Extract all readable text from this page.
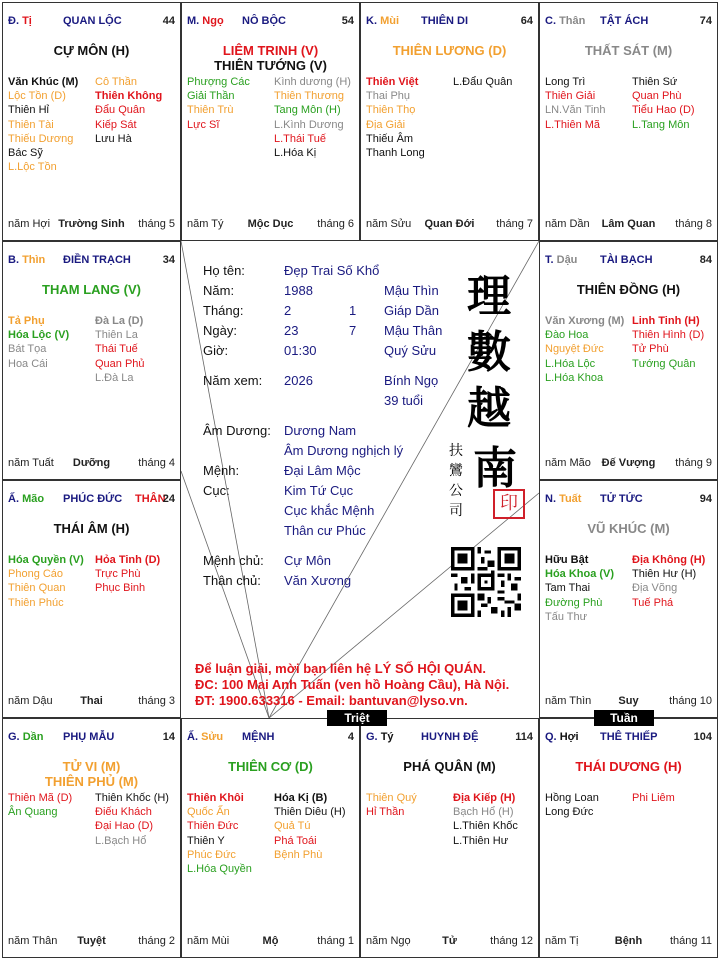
Đ. Tị	QUAN LỘC	44
CỰ MÔN (H)
Văn Khúc (M)
Lộc Tồn (D)
Thiên Hỉ
Thiên Tài
Thiếu Dương
Bác Sỹ
L.Lộc Tồn
Cô Thần
Thiên Không
Đẩu Quân
Kiếp Sát
Lưu Hà
năm Hợi Trường Sinh	tháng 5
M. Ngọ NÔ BỘC	54
LIÊM TRINH (V)
THIÊN TƯỚNG (V)
Phượng Các
Giải Thần
Thiên Trù
Lực Sĩ
Kình dương (H)
Thiên Thương
Tang Môn (H)
L.Kình Dương
L.Thái Tuế
L.Hóa Kị
năm Tý	Mộc Dục	tháng 6
K. Mùi THIÊN DI	64
THIÊN LƯƠNG (D)
Thiên Việt
Thai Phụ
Thiên Thọ
Địa Giải
Thiếu Âm
Thanh Long
L.Đẩu Quân
năm Sửu	Quan Đới	tháng 7
C. Thân TẬT ÁCH	74
THẤT SÁT (M)
Long Trì
Thiên Giải
LN.Văn Tinh
L.Thiên Mã
Thiên Sứ
Quan Phù
Tiểu Hao (D)
L.Tang Môn
năm Dần	Lâm Quan	tháng 8
B. Thìn ĐIỀN TRẠCH	34
THAM LANG (V)
Tả Phụ
Hóa Lộc (V)
Bát Tọa
Hoa Cái
Đà La (D)
Thiên La
Thái Tuế
Quan Phủ
L.Đà La
năm Tuất	Dưỡng	tháng 4
T. Dậu TÀI BẠCH	84
THIÊN ĐỒNG (H)
Văn Xương (M)
Đào Hoa
Nguyệt Đức
L.Hóa Lộc
L.Hóa Khoa
Linh Tinh (H)
Thiên Hình (D)
Tử Phù
Tướng Quân
năm Mão Đế Vượng	tháng 9
Ấ. Mão PHÚC ĐỨC THÂN
24
THÁI ÂM (H)
Hóa Quyền (V)
Phong Cáo
Thiên Quan
Thiên Phúc
Hỏa Tinh (D)
Trực Phù
Phục Binh
năm Dậu	Thai	tháng 3
N. Tuất TỬ TỨC	94
VŨ KHÚC (M)
Hữu Bật
Hóa Khoa (V)
Tam Thai
Đường Phù
Tấu Thư
Địa Không (H)
Thiên Hư (H)
Địa Võng
Tuế Phá
năm Thìn	Suy	tháng 10
G. Dần PHỤ MẪU	14
TỬ VI (M)
THIÊN PHỦ (M)
Thiên Mã (D)
Ân Quang
Thiên Khốc (H)
Điếu Khách
Đại Hao (D)
L.Bạch Hổ
năm Thân	Tuyệt	tháng 2
Ấ. Sửu MỆNH	4
THIÊN CƠ (D)
Thiên Khôi
Quốc Ấn
Thiên Đức
Thiên Y
Phúc Đức
L.Hóa Quyền
Hóa Kị (B)
Thiên Diêu (H)
Quả Tú
Phá Toái
Bệnh Phù
năm Mùi	Mộ	tháng 1
G. Tý HUYNH ĐỆ	114
PHÁ QUÂN (M)
Thiên Quý
Hỉ Thần
Địa Kiếp (H)
Bạch Hổ (H)
L.Thiên Khốc
L.Thiên Hư
năm Ngọ	Tử	tháng 12
Q. Hợi THÊ THIẾP	104
THÁI DƯƠNG (H)
Hồng Loan
Long Đức
Phi Liêm
năm Tị	Bệnh	tháng 11
Họ tên:	Đẹp Trai Số Khổ
Năm:	1988	Mậu Thìn
Tháng:	2	1 Giáp Dần
Ngày:	23	7 Mậu Thân
Giờ:	01:30	Quý Sửu
Năm xem: 2026	Bính Ngọ
39 tuổi
Âm Dương: Dương Nam
Âm Dương nghịch lý
Mệnh:	Đại Lâm Mộc
Cục:	Kim Tứ Cục
Cục khắc Mệnh
Thân cư Phúc
Mệnh chủ: Cự Môn
Thân chủ: Văn Xương
理
數
越
南
扶
鸞
公
司	印
Để luận giải, mời bạn liên hệ LÝ SỐ HỘI QUÁN.
ĐC: 100 Mai Anh Tuấn (ven hồ Hoàng Cầu), Hà Nội.
ĐT: 1900.633316 - Email: bantuvan@lyso.vn.
Triệt	Tuần
